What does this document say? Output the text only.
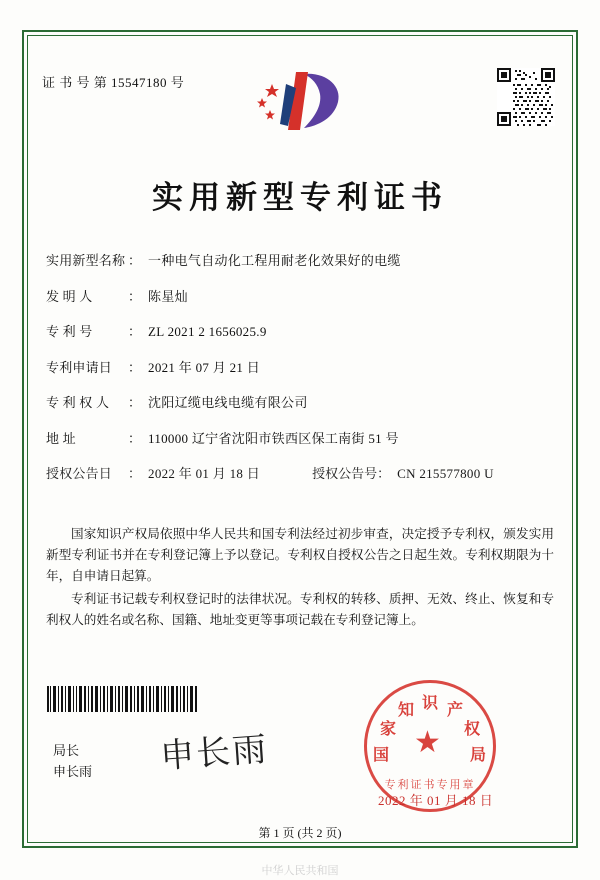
证 书 号 第 15547180 号
实用新型专利证书
实用新型名称 ： 一种电气自动化工程用耐老化效果好的电缆
发 明 人	： 陈星灿
专 利 号	： ZL 2021 2 1656025.9
专利申请日	： 2021 年 07 月 21 日
专 利 权 人	： 沈阳辽缆电线电缆有限公司
地 址	： 110000 辽宁省沈阳市铁西区保工南街 51 号
授权公告日	： 2022 年 01 月 18 日	授权公告号 ： CN 215577800 U

国家知识产权局依照中华人民共和国专利法经过初步审查，决定授予专利权，颁发实用新型专利证书并在专利登记簿上予以登记。专利权自授权公告之日起生效。专利权期限为十年，自申请日起算。

专利证书记载专利权登记时的法律状况。专利权的转移、质押、无效、终止、恢复和专利权人的姓名或名称、国籍、地址变更等事项记载在专利登记簿上。

★
识
知
家
国
产
权
局
专利证书专用章
局长
申长雨 申长雨
2022 年 01 月 18 日
第 1 页 (共 2 页)
中华人民共和国
